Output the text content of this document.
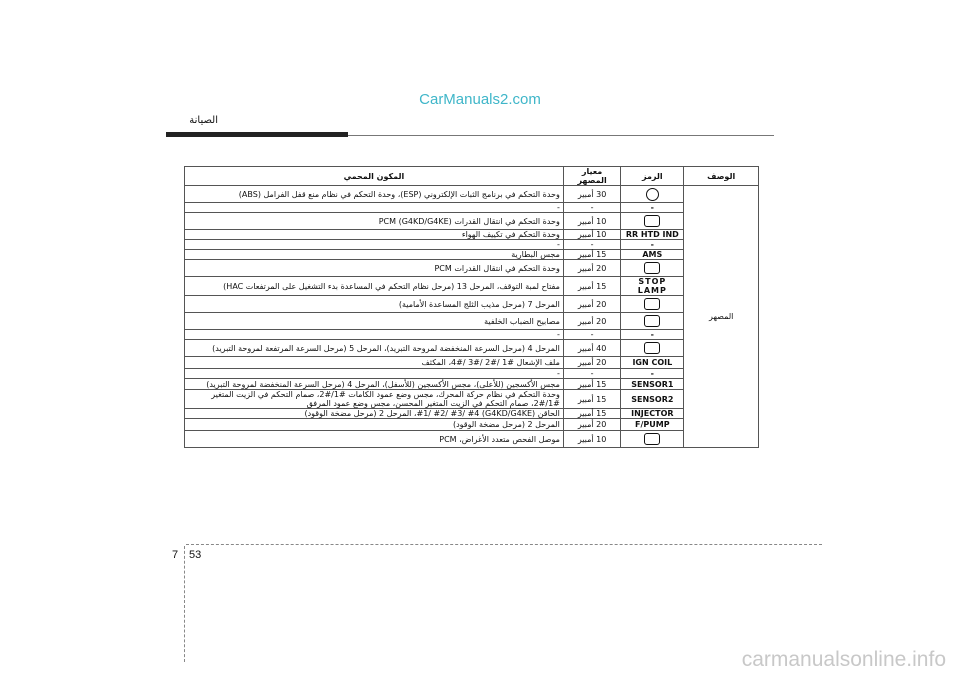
CarManuals2.com
الصيانة
الوصف	الرمز	معيار المصهر	المكون المحمي
المصهر		30 أمبير	وحدة التحكم في برنامج الثبات الإلكتروني (ESP)، وحدة التحكم في نظام منع قفل الفرامل (ABS)
	-	-	-
		10 أمبير	وحدة التحكم في انتقال القدرات PCM (G4KD/G4KE)
	RR HTD IND	10 أمبير	وحدة التحكم في تكييف الهواء
	-	-	-
	AMS	15 أمبير	مجس البطارية
		20 أمبير	وحدة التحكم في انتقال القدرات PCM
	STOP LAMP	15 أمبير	مفتاح لمبة التوقف، المرحل 13 (مرحل نظام التحكم في المساعدة بدء التشغيل على المرتفعات HAC)
		20 أمبير	المرحل 7 (مرحل مذيب الثلج المساعدة الأمامية)
		20 أمبير	مصابيح الضباب الخلفية
	-	-	-
		40 أمبير	المرحل 4 (مرحل السرعة المنخفضة لمروحة التبريد)، المرحل 5 (مرحل السرعة المرتفعة لمروحة التبريد)
	IGN COIL	20 أمبير	ملف الإشعال #1 /#2 /#3 /#4، المكثف
	-	-	-
	SENSOR1	15 أمبير	مجس الأكسجين (للأعلى)، مجس الأكسجين (للأسفل)، المرحل 4 (مرحل السرعة المنخفضة لمروحة التبريد)
	SENSOR2	15 أمبير	وحدة التحكم في نظام حركة المحرك، مجس وضع عمود الكامات #1/#2، صمام التحكم في الزيت المتغير #1/#2، صمام التحكم في الزيت المتغير المحسن، مجس وضع عمود المرفق
	INJECTOR	15 أمبير	الحاقن (G4KD/G4KE) #1/ #2/ #3/ #4، المرحل 2 (مرحل مضخة الوقود)
	F/PUMP	20 أمبير	المرحل 2 (مرحل مضخة الوقود)
		10 أمبير	موصل الفحص متعدد الأغراض، PCM
7 53
carmanualsonline.info
